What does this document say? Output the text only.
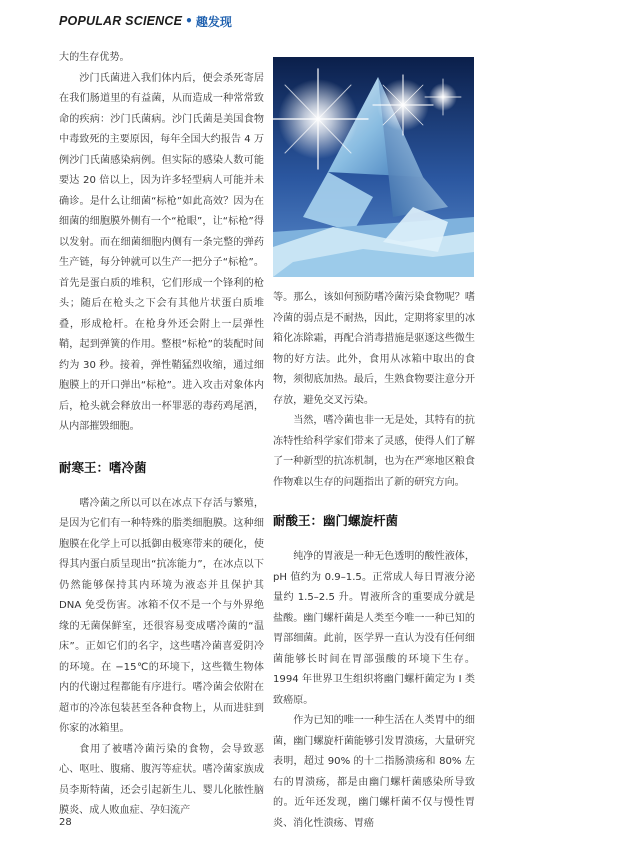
POPULAR SCIENCE • 趣发现

大的生存优势。

沙门氏菌进入我们体内后，便会杀死寄居在我们肠道里的有益菌，从而造成一种常常致命的疾病：沙门氏菌病。沙门氏菌是美国食物中毒致死的主要原因，每年全国大约报告 4 万例沙门氏菌感染病例。但实际的感染人数可能要达 20 倍以上，因为许多轻型病人可能并未确诊。是什么让细菌“标枪”如此高效？因为在细菌的细胞膜外侧有一个“枪眼”，让“标枪”得以发射。而在细菌细胞内侧有一条完整的弹药生产链，每分钟就可以生产一把分子“标枪”。首先是蛋白质的堆积，它们形成一个锋利的枪头；随后在枪头之下会有其他片状蛋白质堆叠，形成枪杆。在枪身外还会附上一层弹性鞘，起到弹簧的作用。整根“标枪”的装配时间约为 30 秒。接着，弹性鞘猛烈收缩，通过细胞膜上的开口弹出“标枪”。进入攻击对象体内后，枪头就会释放出一杯罪恶的毒药鸡尾酒，从内部摧毁细胞。

耐寒王：嗜冷菌

嗜冷菌之所以可以在冰点下存活与繁殖，是因为它们有一种特殊的脂类细胞膜。这种细胞膜在化学上可以抵御由极寒带来的硬化，使得其内蛋白质呈现出“抗冻能力”，在冰点以下仍然能够保持其内环境为液态并且保护其 DNA 免受伤害。冰箱不仅不是一个与外界绝缘的无菌保鲜室，还很容易变成嗜冷菌的“温床”。正如它们的名字，这些嗜冷菌喜爱阴冷的环境。在 −15℃的环境下，这些微生物体内的代谢过程都能有序进行。嗜冷菌会依附在超市的冷冻包装甚至各种食物上，从而进驻到你家的冰箱里。

食用了被嗜冷菌污染的食物，会导致恶心、呕吐、腹痛、腹泻等症状。嗜冷菌家族成员李斯特菌，还会引起新生儿、婴儿化脓性脑膜炎、成人败血症、孕妇流产

等。那么，该如何预防嗜冷菌污染食物呢？嗜冷菌的弱点是不耐热，因此，定期将家里的冰箱化冻除霜，再配合消毒措施是驱逐这些微生物的好方法。此外，食用从冰箱中取出的食物，须彻底加热。最后，生熟食物要注意分开存放，避免交叉污染。

当然，嗜冷菌也非一无是处，其特有的抗冻特性给科学家们带来了灵感，使得人们了解了一种新型的抗冻机制，也为在严寒地区粮食作物难以生存的问题指出了新的研究方向。

耐酸王：幽门螺旋杆菌

纯净的胃液是一种无色透明的酸性液体，pH 值约为 0.9–1.5。正常成人每日胃液分泌量约 1.5–2.5 升。胃液所含的重要成分就是盐酸。幽门螺杆菌是人类至今唯一一种已知的胃部细菌。此前，医学界一直认为没有任何细菌能够长时间在胃部强酸的环境下生存。1994 年世界卫生组织将幽门螺杆菌定为 I 类致癌原。

作为已知的唯一一种生活在人类胃中的细菌，幽门螺旋杆菌能够引发胃溃疡，大量研究表明，超过 90% 的十二指肠溃疡和 80% 左右的胃溃疡，都是由幽门螺杆菌感染所导致的。近年还发现，幽门螺杆菌不仅与慢性胃炎、消化性溃疡、胃癌

28
